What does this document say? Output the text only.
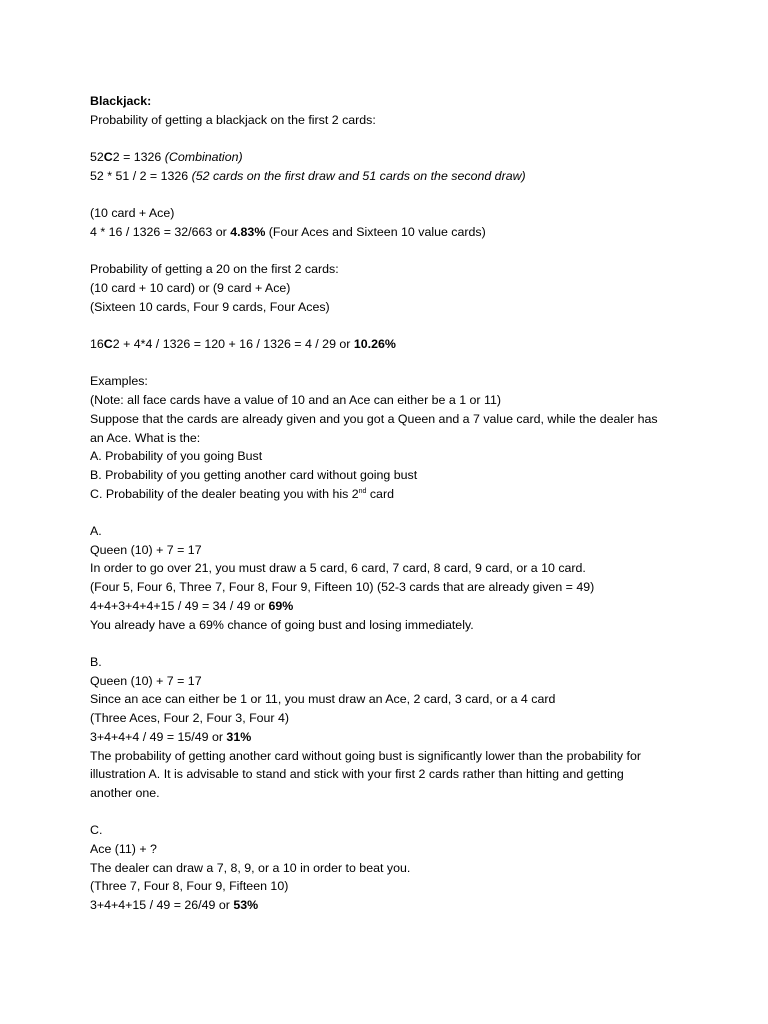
Blackjack:
Probability of getting a blackjack on the first 2 cards:
52C2 = 1326 (Combination)
52 * 51 / 2 = 1326 (52 cards on the first draw and 51 cards on the second draw)
(10 card + Ace)
4 * 16 / 1326 = 32/663 or 4.83% (Four Aces and Sixteen 10 value cards)
Probability of getting a 20 on the first 2 cards:
(10 card + 10 card) or (9 card + Ace)
(Sixteen 10 cards, Four 9 cards, Four Aces)
16C2 + 4*4 / 1326 = 120 + 16 / 1326 = 4 / 29 or 10.26%
Examples:
(Note: all face cards have a value of 10 and an Ace can either be a 1 or 11)
Suppose that the cards are already given and you got a Queen and a 7 value card, while the dealer has
an Ace. What is the:
A. Probability of you going Bust
B. Probability of you getting another card without going bust
C. Probability of the dealer beating you with his 2nd card
A.
Queen (10) + 7 = 17
In order to go over 21, you must draw a 5 card, 6 card, 7 card, 8 card, 9 card, or a 10 card.
(Four 5, Four 6, Three 7, Four 8, Four 9, Fifteen 10) (52-3 cards that are already given = 49)
4+4+3+4+4+15 / 49 = 34 / 49 or 69%
You already have a 69% chance of going bust and losing immediately.
B.
Queen (10) + 7 = 17
Since an ace can either be 1 or 11, you must draw an Ace, 2 card, 3 card, or a 4 card
(Three Aces, Four 2, Four 3, Four 4)
3+4+4+4 / 49 = 15/49 or 31%
The probability of getting another card without going bust is significantly lower than the probability for
illustration A. It is advisable to stand and stick with your first 2 cards rather than hitting and getting
another one.
C.
Ace (11) + ?
The dealer can draw a 7, 8, 9, or a 10 in order to beat you.
(Three 7, Four 8, Four 9, Fifteen 10)
3+4+4+15 / 49 = 26/49 or 53%
